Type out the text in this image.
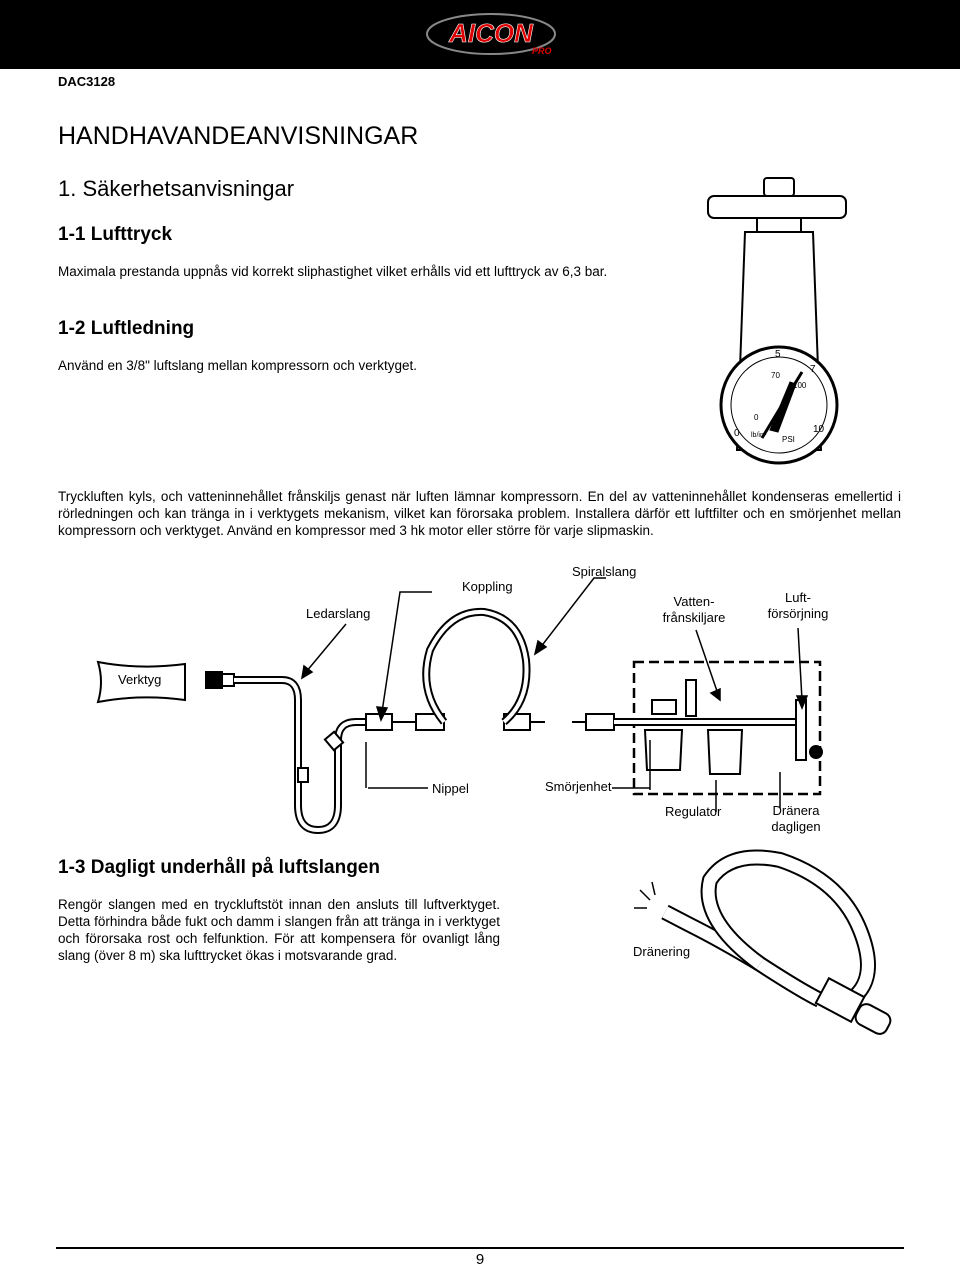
AICON
PRO
DAC3128
HANDHAVANDEANVISNINGAR
1. Säkerhetsanvisningar
1-1 Lufttryck
Maximala prestanda uppnås vid korrekt sliphastighet vilket erhålls vid ett lufttryck av 6,3 bar.
1-2 Luftledning
Använd en 3/8" luftslang mellan kompressorn och verktyget.
Tryckluften kyls, och vatteninnehållet frånskiljs genast när luften lämnar kompressorn. En del av vatteninnehållet kondenseras emellertid i rörledningen och kan tränga in i verktygets mekanism, vilket kan förorsaka problem. Installera därför ett luftfilter och en smörjenhet mellan kompressorn och verktyget. Använd en kompressor med 3 hk motor eller större för varje slipmaskin.
5
7
70
100
0
0
10
lb/in² PSI
Ledarslang
Koppling
Spiralslang
Vatten-
frånskiljare
Luft-
försörjning
Verktyg
Nippel	Smörjenhet
Regulator	Dränera
dagligen
1-3 Dagligt underhåll på luftslangen
Rengör slangen med en tryckluftstöt innan den ansluts till luftverktyget. Detta förhindra både fukt och damm i slangen från att tränga in i verktyget och förorsaka rost och felfunktion. För att kompensera för ovanligt lång slang (över 8 m) ska lufttrycket ökas i motsvarande grad.	Dränering
9
